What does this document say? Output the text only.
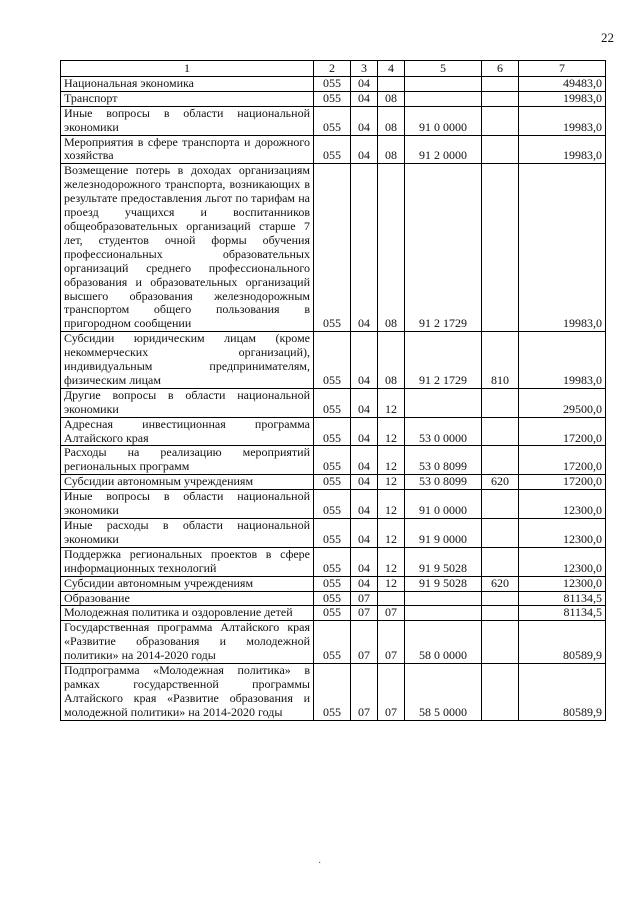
22
1	2	3	4	5	6	7
Национальная экономика	055	04				49483,0
Транспорт	055	04	08			19983,0
Иные вопросы в области национальной экономики	055	04	08	91 0 0000		19983,0
Мероприятия в сфере транспорта и дорожного хозяйства	055	04	08	91 2 0000		19983,0
Возмещение потерь в доходах организациям железнодорожного транспорта, возникающих в результате предоставления льгот по тарифам на проезд учащихся и воспитанников общеобразовательных организаций старше 7 лет, студентов очной формы обучения профессиональных образовательных организаций среднего профессионального образования и образовательных организаций высшего образования железнодорожным транспортом общего пользования в пригородном сообщении	055	04	08	91 2 1729		19983,0
Субсидии юридическим лицам (кроме некоммерческих организаций), индивидуальным предпринимателям, физическим лицам	055	04	08	91 2 1729	810	19983,0
Другие вопросы в области национальной экономики	055	04	12			29500,0
Адресная инвестиционная программа Алтайского края	055	04	12	53 0 0000		17200,0
Расходы на реализацию мероприятий региональных программ	055	04	12	53 0 8099		17200,0
Субсидии автономным учреждениям	055	04	12	53 0 8099	620	17200,0
Иные вопросы в области национальной экономики	055	04	12	91 0 0000		12300,0
Иные расходы в области национальной экономики	055	04	12	91 9 0000		12300,0
Поддержка региональных проектов в сфере информационных технологий	055	04	12	91 9 5028		12300,0
Субсидии автономным учреждениям	055	04	12	91 9 5028	620	12300,0
Образование	055	07				81134,5
Молодежная политика и оздоровление детей	055	07	07			81134,5
Государственная программа Алтайского края «Развитие образования и молодежной политики» на 2014-2020 годы	055	07	07	58 0 0000		80589,9
Подпрограмма «Молодежная политика» в рамках государственной программы Алтайского края «Развитие образования и молодежной политики» на 2014-2020 годы	055	07	07	58 5 0000		80589,9
·
